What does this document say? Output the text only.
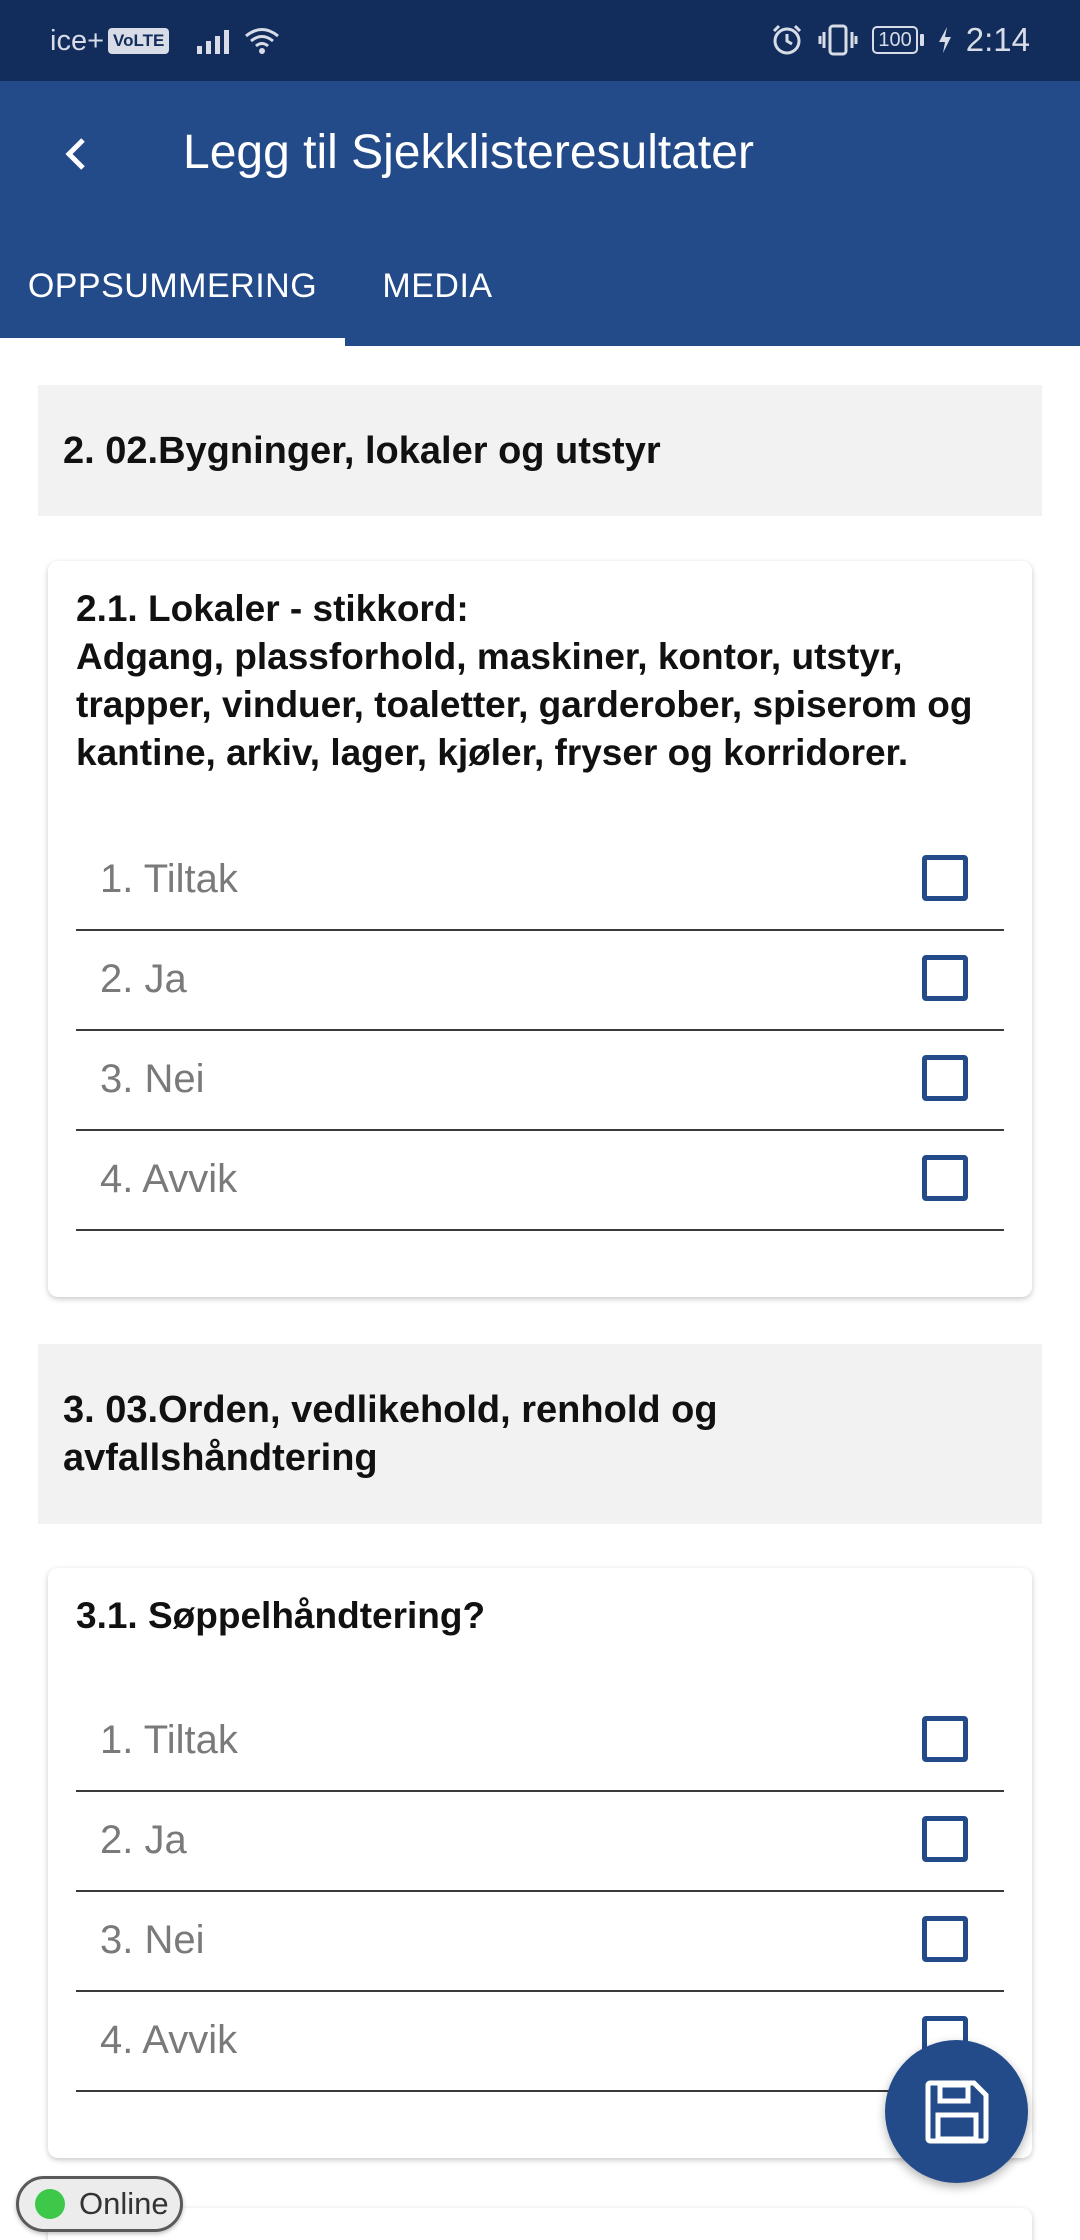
ice+ VoLTE	100 2:14
Legg til Sjekklisteresultater
OPPSUMMERING	MEDIA
2. 02.Bygninger, lokaler og utstyr
2.1. Lokaler - stikkord:
Adgang, plassforhold, maskiner, kontor, utstyr, trapper, vinduer, toaletter, garderober, spiserom og kantine, arkiv, lager, kjøler, fryser og korridorer.
1. Tiltak
2. Ja
3. Nei
4. Avvik
3. 03.Orden, vedlikehold, renhold og avfallshåndtering
3.1. Søppelhåndtering?
1. Tiltak
2. Ja
3. Nei
4. Avvik
Online
